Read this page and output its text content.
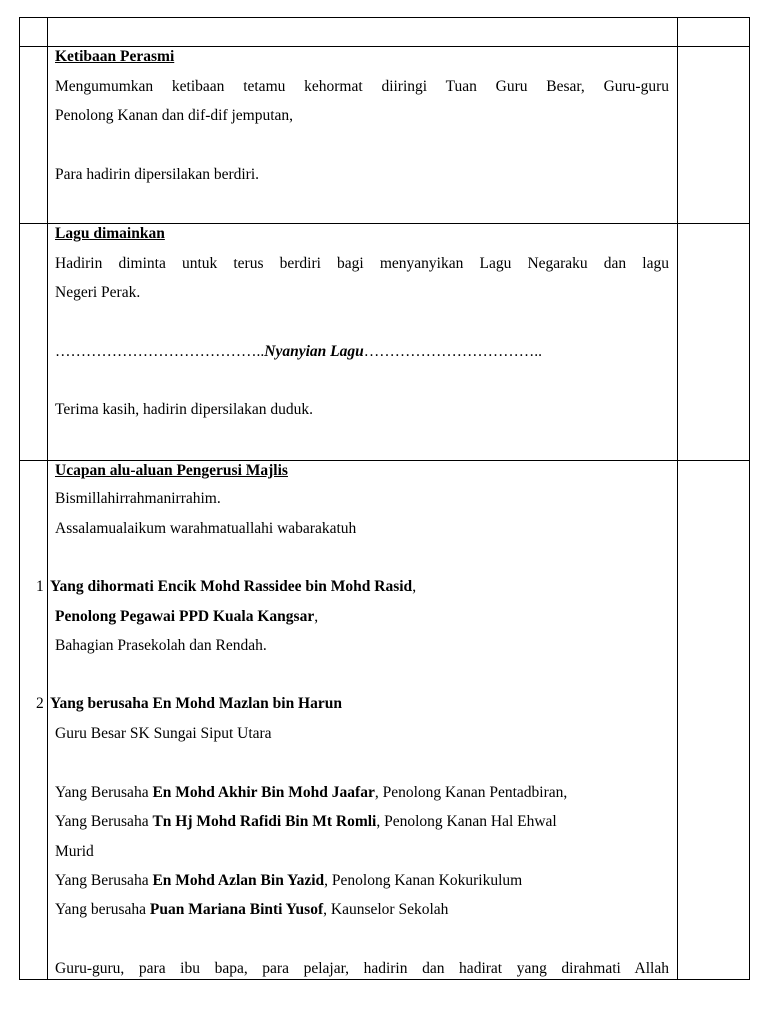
Ketibaan Perasmi
Mengumumkan ketibaan tetamu kehormat diiringi Tuan Guru Besar, Guru-guru
Penolong Kanan dan dif-dif jemputan,
Para hadirin dipersilakan berdiri.
Lagu dimainkan
Hadirin diminta untuk terus berdiri bagi menyanyikan Lagu Negaraku dan lagu
Negeri Perak.
…………………………………..Nyanyian Lagu……………………………..
Terima kasih, hadirin dipersilakan duduk.
Ucapan alu-aluan Pengerusi Majlis
Bismillahirrahmanirrahim.
Assalamualaikum warahmatuallahi wabarakatuh
1 Yang dihormati Encik Mohd Rassidee bin Mohd Rasid,
Penolong Pegawai PPD Kuala Kangsar,
Bahagian Prasekolah dan Rendah.
2 Yang berusaha En Mohd Mazlan bin Harun
Guru Besar SK Sungai Siput Utara
Yang Berusaha En Mohd Akhir Bin Mohd Jaafar, Penolong Kanan Pentadbiran,
Yang Berusaha Tn Hj Mohd Rafidi Bin Mt Romli, Penolong Kanan Hal Ehwal
Murid
Yang Berusaha En Mohd Azlan Bin Yazid, Penolong Kanan Kokurikulum
Yang berusaha Puan Mariana Binti Yusof, Kaunselor Sekolah
Guru-guru, para ibu bapa, para pelajar, hadirin dan hadirat yang dirahmati Allah
